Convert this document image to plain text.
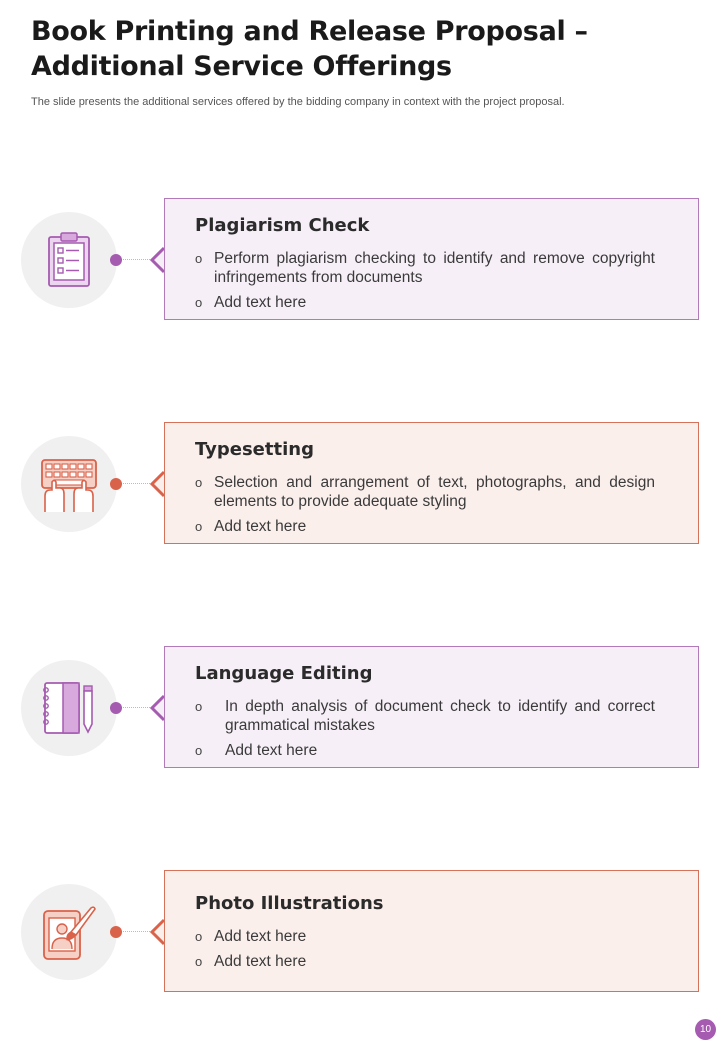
Book Printing and Release Proposal – Additional Service Offerings

The slide presents the additional services offered by the bidding company in context with the project proposal.

Plagiarism Check
o Perform plagiarism checking to identify and remove copyright infringements from documents
o Add text here
Typesetting
o Selection and arrangement of text, photographs, and design elements to provide adequate styling
o Add text here
Language Editing
o In depth analysis of document check to identify and correct grammatical mistakes
o Add text here
Photo Illustrations
o Add text here
o Add text here
10
